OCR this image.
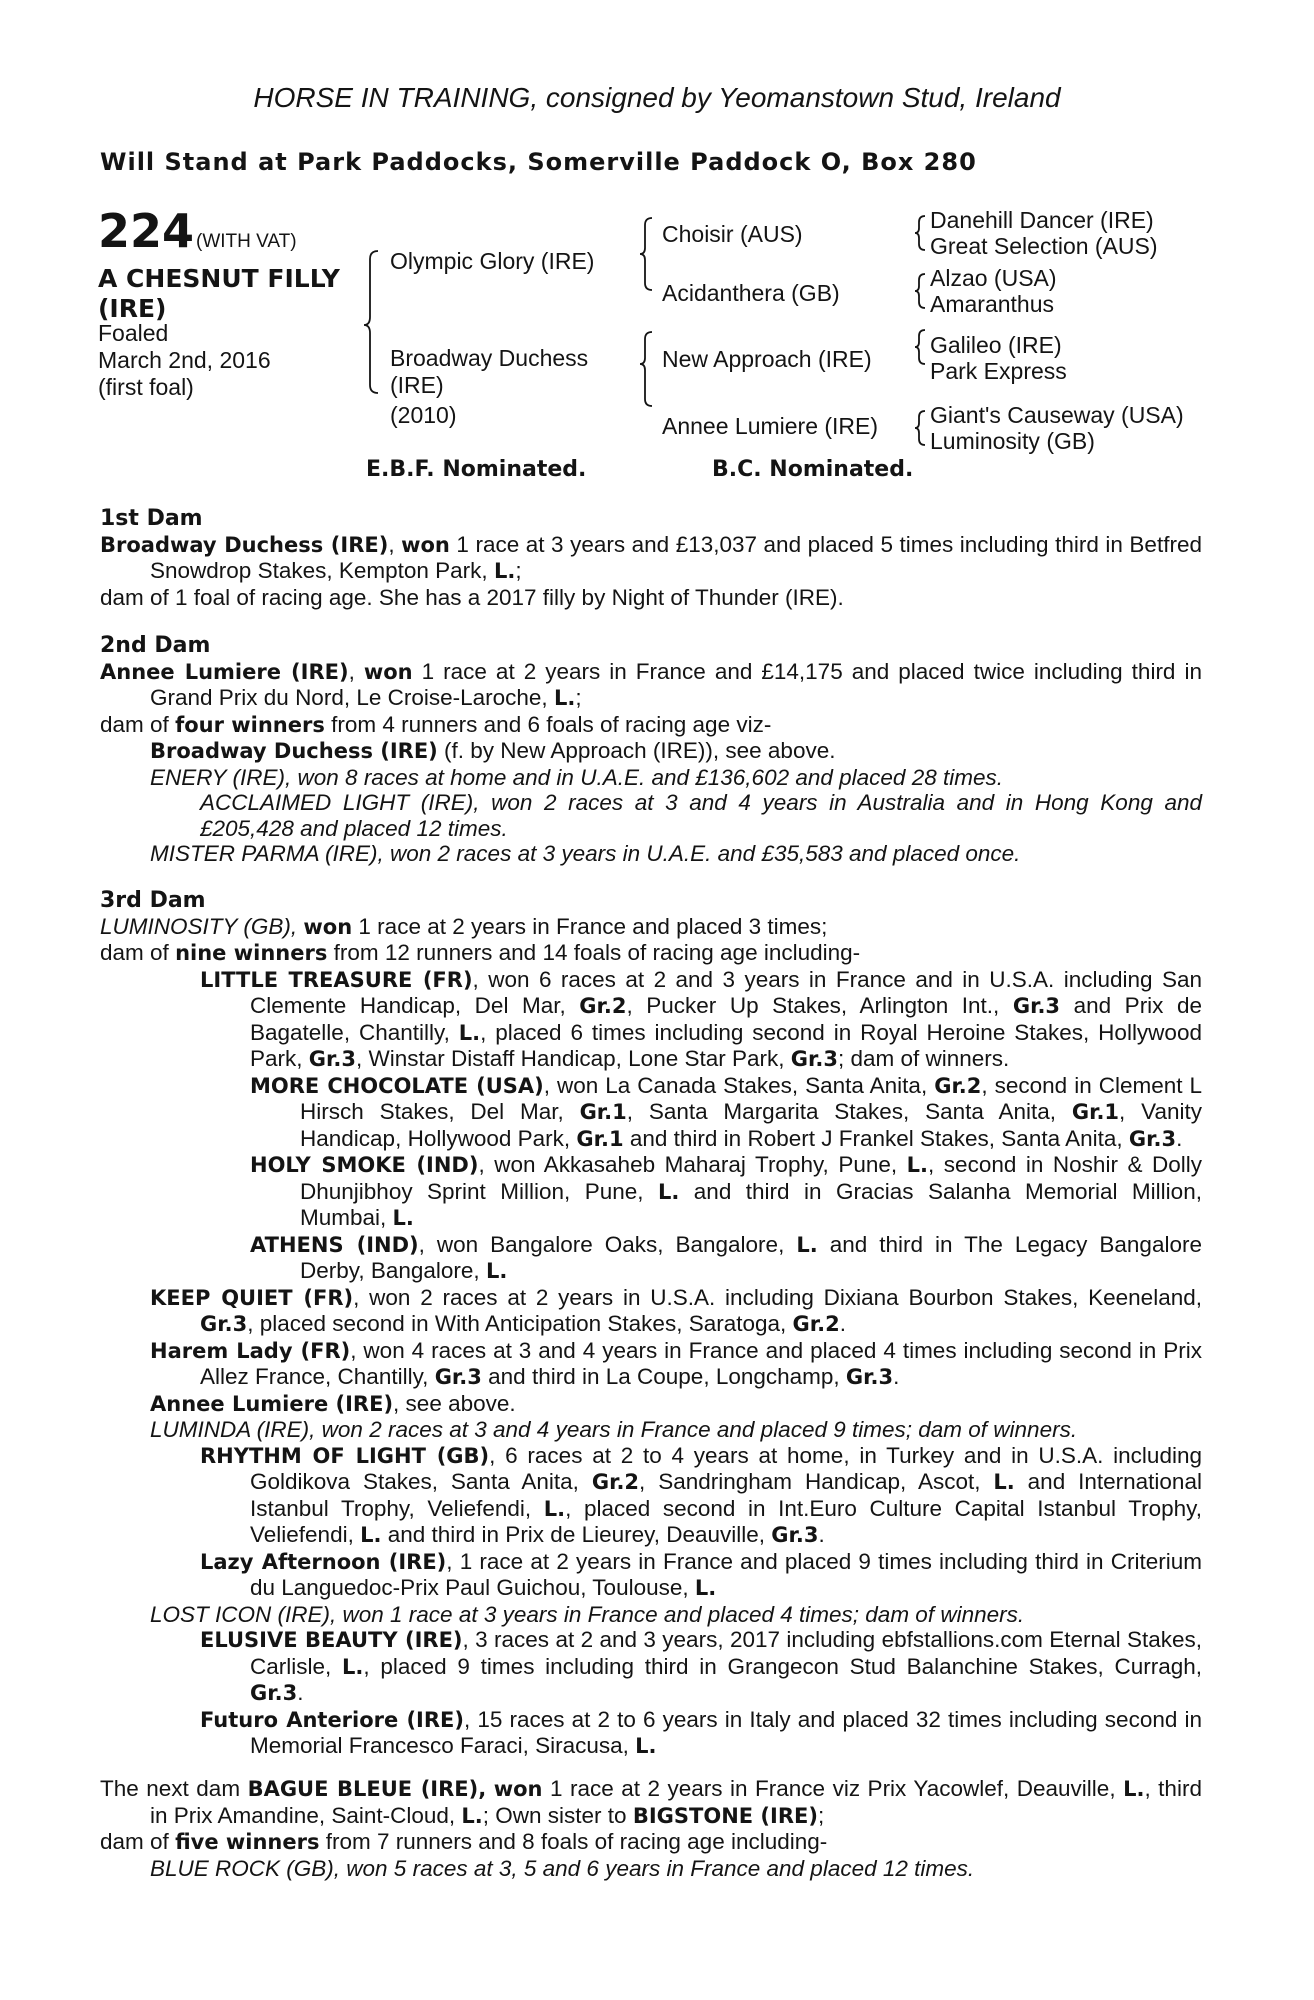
HORSE IN TRAINING, consigned by Yeomanstown Stud, Ireland
Will Stand at Park Paddocks, Somerville Paddock O, Box 280
224 (WITH VAT)
A CHESNUT FILLY
(IRE)
Foaled
March 2nd, 2016
(first foal)
Olympic Glory (IRE)
Broadway Duchess
(IRE)
(2010)
Choisir (AUS)
Acidanthera (GB)
New Approach (IRE)
Annee Lumiere (IRE)
Danehill Dancer (IRE)
Great Selection (AUS)
Alzao (USA)
Amaranthus
Galileo (IRE)
Park Express
Giant's Causeway (USA)
Luminosity (GB)
E.B.F. Nominated.	B.C. Nominated.

1st Dam

Broadway Duchess (IRE), won 1 race at 3 years and £13,037 and placed 5 times including third in Betfred Snowdrop Stakes, Kempton Park, L.;

dam of 1 foal of racing age. She has a 2017 filly by Night of Thunder (IRE).

2nd Dam

Annee Lumiere (IRE), won 1 race at 2 years in France and £14,175 and placed twice including third in Grand Prix du Nord, Le Croise-Laroche, L.;

dam of four winners from 4 runners and 6 foals of racing age viz-

Broadway Duchess (IRE) (f. by New Approach (IRE)), see above.

ENERY (IRE), won 8 races at home and in U.A.E. and £136,602 and placed 28 times.

ACCLAIMED LIGHT (IRE), won 2 races at 3 and 4 years in Australia and in Hong Kong and £205,428 and placed 12 times.

MISTER PARMA (IRE), won 2 races at 3 years in U.A.E. and £35,583 and placed once.

3rd Dam

LUMINOSITY (GB), won 1 race at 2 years in France and placed 3 times;

dam of nine winners from 12 runners and 14 foals of racing age including-

LITTLE TREASURE (FR), won 6 races at 2 and 3 years in France and in U.S.A. including San Clemente Handicap, Del Mar, Gr.2, Pucker Up Stakes, Arlington Int., Gr.3 and Prix de Bagatelle, Chantilly, L., placed 6 times including second in Royal Heroine Stakes, Hollywood Park, Gr.3, Winstar Distaff Handicap, Lone Star Park, Gr.3; dam of winners.

MORE CHOCOLATE (USA), won La Canada Stakes, Santa Anita, Gr.2, second in Clement L Hirsch Stakes, Del Mar, Gr.1, Santa Margarita Stakes, Santa Anita, Gr.1, Vanity Handicap, Hollywood Park, Gr.1 and third in Robert J Frankel Stakes, Santa Anita, Gr.3.

HOLY SMOKE (IND), won Akkasaheb Maharaj Trophy, Pune, L., second in Noshir & Dolly Dhunjibhoy Sprint Million, Pune, L. and third in Gracias Salanha Memorial Million, Mumbai, L.

ATHENS (IND), won Bangalore Oaks, Bangalore, L. and third in The Legacy Bangalore Derby, Bangalore, L.

KEEP QUIET (FR), won 2 races at 2 years in U.S.A. including Dixiana Bourbon Stakes, Keeneland, Gr.3, placed second in With Anticipation Stakes, Saratoga, Gr.2.

Harem Lady (FR), won 4 races at 3 and 4 years in France and placed 4 times including second in Prix Allez France, Chantilly, Gr.3 and third in La Coupe, Longchamp, Gr.3.

Annee Lumiere (IRE), see above.

LUMINDA (IRE), won 2 races at 3 and 4 years in France and placed 9 times; dam of winners.

RHYTHM OF LIGHT (GB), 6 races at 2 to 4 years at home, in Turkey and in U.S.A. including Goldikova Stakes, Santa Anita, Gr.2, Sandringham Handicap, Ascot, L. and International Istanbul Trophy, Veliefendi, L., placed second in Int.Euro Culture Capital Istanbul Trophy, Veliefendi, L. and third in Prix de Lieurey, Deauville, Gr.3.

Lazy Afternoon (IRE), 1 race at 2 years in France and placed 9 times including third in Criterium du Languedoc-Prix Paul Guichou, Toulouse, L.

LOST ICON (IRE), won 1 race at 3 years in France and placed 4 times; dam of winners.

ELUSIVE BEAUTY (IRE), 3 races at 2 and 3 years, 2017 including ebfstallions.com Eternal Stakes, Carlisle, L., placed 9 times including third in Grangecon Stud Balanchine Stakes, Curragh, Gr.3.

Futuro Anteriore (IRE), 15 races at 2 to 6 years in Italy and placed 32 times including second in Memorial Francesco Faraci, Siracusa, L.

The next dam BAGUE BLEUE (IRE), won 1 race at 2 years in France viz Prix Yacowlef, Deauville, L., third in Prix Amandine, Saint-Cloud, L.; Own sister to BIGSTONE (IRE);

dam of five winners from 7 runners and 8 foals of racing age including-

BLUE ROCK (GB), won 5 races at 3, 5 and 6 years in France and placed 12 times.
